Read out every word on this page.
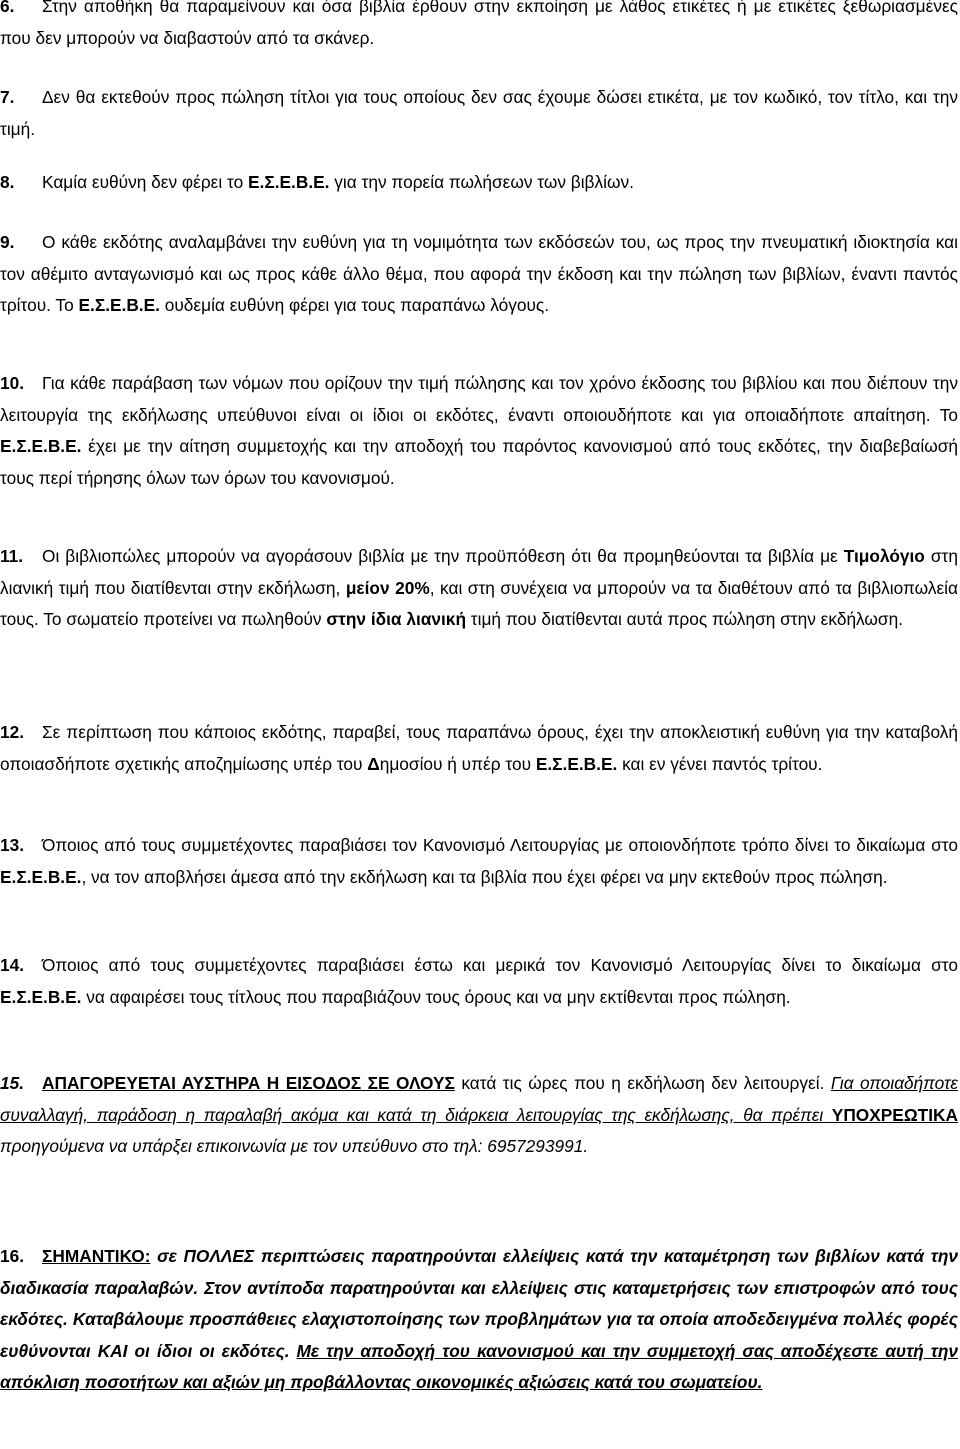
6. Στην αποθήκη θα παραμείνουν και όσα βιβλία έρθουν στην εκποίηση με λάθος ετικέτες ή με ετικέτες ξεθωριασμένες που δεν μπορούν να διαβαστούν από τα σκάνερ.
7. Δεν θα εκτεθούν προς πώληση τίτλοι για τους οποίους δεν σας έχουμε δώσει ετικέτα, με τον κωδικό, τον τίτλο, και την τιμή.
8. Καμία ευθύνη δεν φέρει το Ε.Σ.Ε.Β.Ε. για την πορεία πωλήσεων των βιβλίων.
9. Ο κάθε εκδότης αναλαμβάνει την ευθύνη για τη νομιμότητα των εκδόσεών του, ως προς την πνευματική ιδιοκτησία και τον αθέμιτο ανταγωνισμό και ως προς κάθε άλλο θέμα, που αφορά την έκδοση και την πώληση των βιβλίων, έναντι παντός τρίτου. Το Ε.Σ.Ε.Β.Ε. ουδεμία ευθύνη φέρει για τους παραπάνω λόγους.
10. Για κάθε παράβαση των νόμων που ορίζουν την τιμή πώλησης και τον χρόνο έκδοσης του βιβλίου και που διέπουν την λειτουργία της εκδήλωσης υπεύθυνοι είναι οι ίδιοι οι εκδότες, έναντι οποιουδήποτε και για οποιαδήποτε απαίτηση. Το Ε.Σ.Ε.Β.Ε. έχει με την αίτηση συμμετοχής και την αποδοχή του παρόντος κανονισμού από τους εκδότες, την διαβεβαίωσή τους περί τήρησης όλων των όρων του κανονισμού.
11. Οι βιβλιοπώλες μπορούν να αγοράσουν βιβλία με την προϋπόθεση ότι θα προμηθεύονται τα βιβλία με Τιμολόγιο στη λιανική τιμή που διατίθενται στην εκδήλωση, μείον 20%, και στη συνέχεια να μπορούν να τα διαθέτουν από τα βιβλιοπωλεία τους. Το σωματείο προτείνει να πωληθούν στην ίδια λιανική τιμή που διατίθενται αυτά προς πώληση στην εκδήλωση.
12. Σε περίπτωση που κάποιος εκδότης, παραβεί, τους παραπάνω όρους, έχει την αποκλειστική ευθύνη για την καταβολή οποιασδήποτε σχετικής αποζημίωσης υπέρ του Δημοσίου ή υπέρ του Ε.Σ.Ε.Β.Ε. και εν γένει παντός τρίτου.
13. Όποιος από τους συμμετέχοντες παραβιάσει τον Κανονισμό Λειτουργίας με οποιονδήποτε τρόπο δίνει το δικαίωμα στο Ε.Σ.Ε.Β.Ε., να τον αποβλήσει άμεσα από την εκδήλωση και τα βιβλία που έχει φέρει να μην εκτεθούν προς πώληση.
14. Όποιος από τους συμμετέχοντες παραβιάσει έστω και μερικά τον Κανονισμό Λειτουργίας δίνει το δικαίωμα στο Ε.Σ.Ε.Β.Ε. να αφαιρέσει τους τίτλους που παραβιάζουν τους όρους και να μην εκτίθενται προς πώληση.
15. ΑΠΑΓΟΡΕΥΕΤΑΙ ΑΥΣΤΗΡΑ Η ΕΙΣΟΔΟΣ ΣΕ ΟΛΟΥΣ κατά τις ώρες που η εκδήλωση δεν λειτουργεί. Για οποιαδήποτε συναλλαγή, παράδοση η παραλαβή ακόμα και κατά τη διάρκεια λειτουργίας της εκδήλωσης, θα πρέπει ΥΠΟΧΡΕΩΤΙΚΑ προηγούμενα να υπάρξει επικοινωνία με τον υπεύθυνο στο τηλ: 6957293991.
16. ΣΗΜΑΝΤΙΚΟ: σε ΠΟΛΛΕΣ περιπτώσεις παρατηρούνται ελλείψεις κατά την καταμέτρηση των βιβλίων κατά την διαδικασία παραλαβών. Στον αντίποδα παρατηρούνται και ελλείψεις στις καταμετρήσεις των επιστροφών από τους εκδότες. Καταβάλουμε προσπάθειες ελαχιστοποίησης των προβλημάτων για τα οποία αποδεδειγμένα πολλές φορές ευθύνονται ΚΑΙ οι ίδιοι οι εκδότες. Με την αποδοχή του κανονισμού και την συμμετοχή σας αποδέχεστε αυτή την απόκλιση ποσοτήτων και αξιών μη προβάλλοντας οικονομικές αξιώσεις κατά του σωματείου.
